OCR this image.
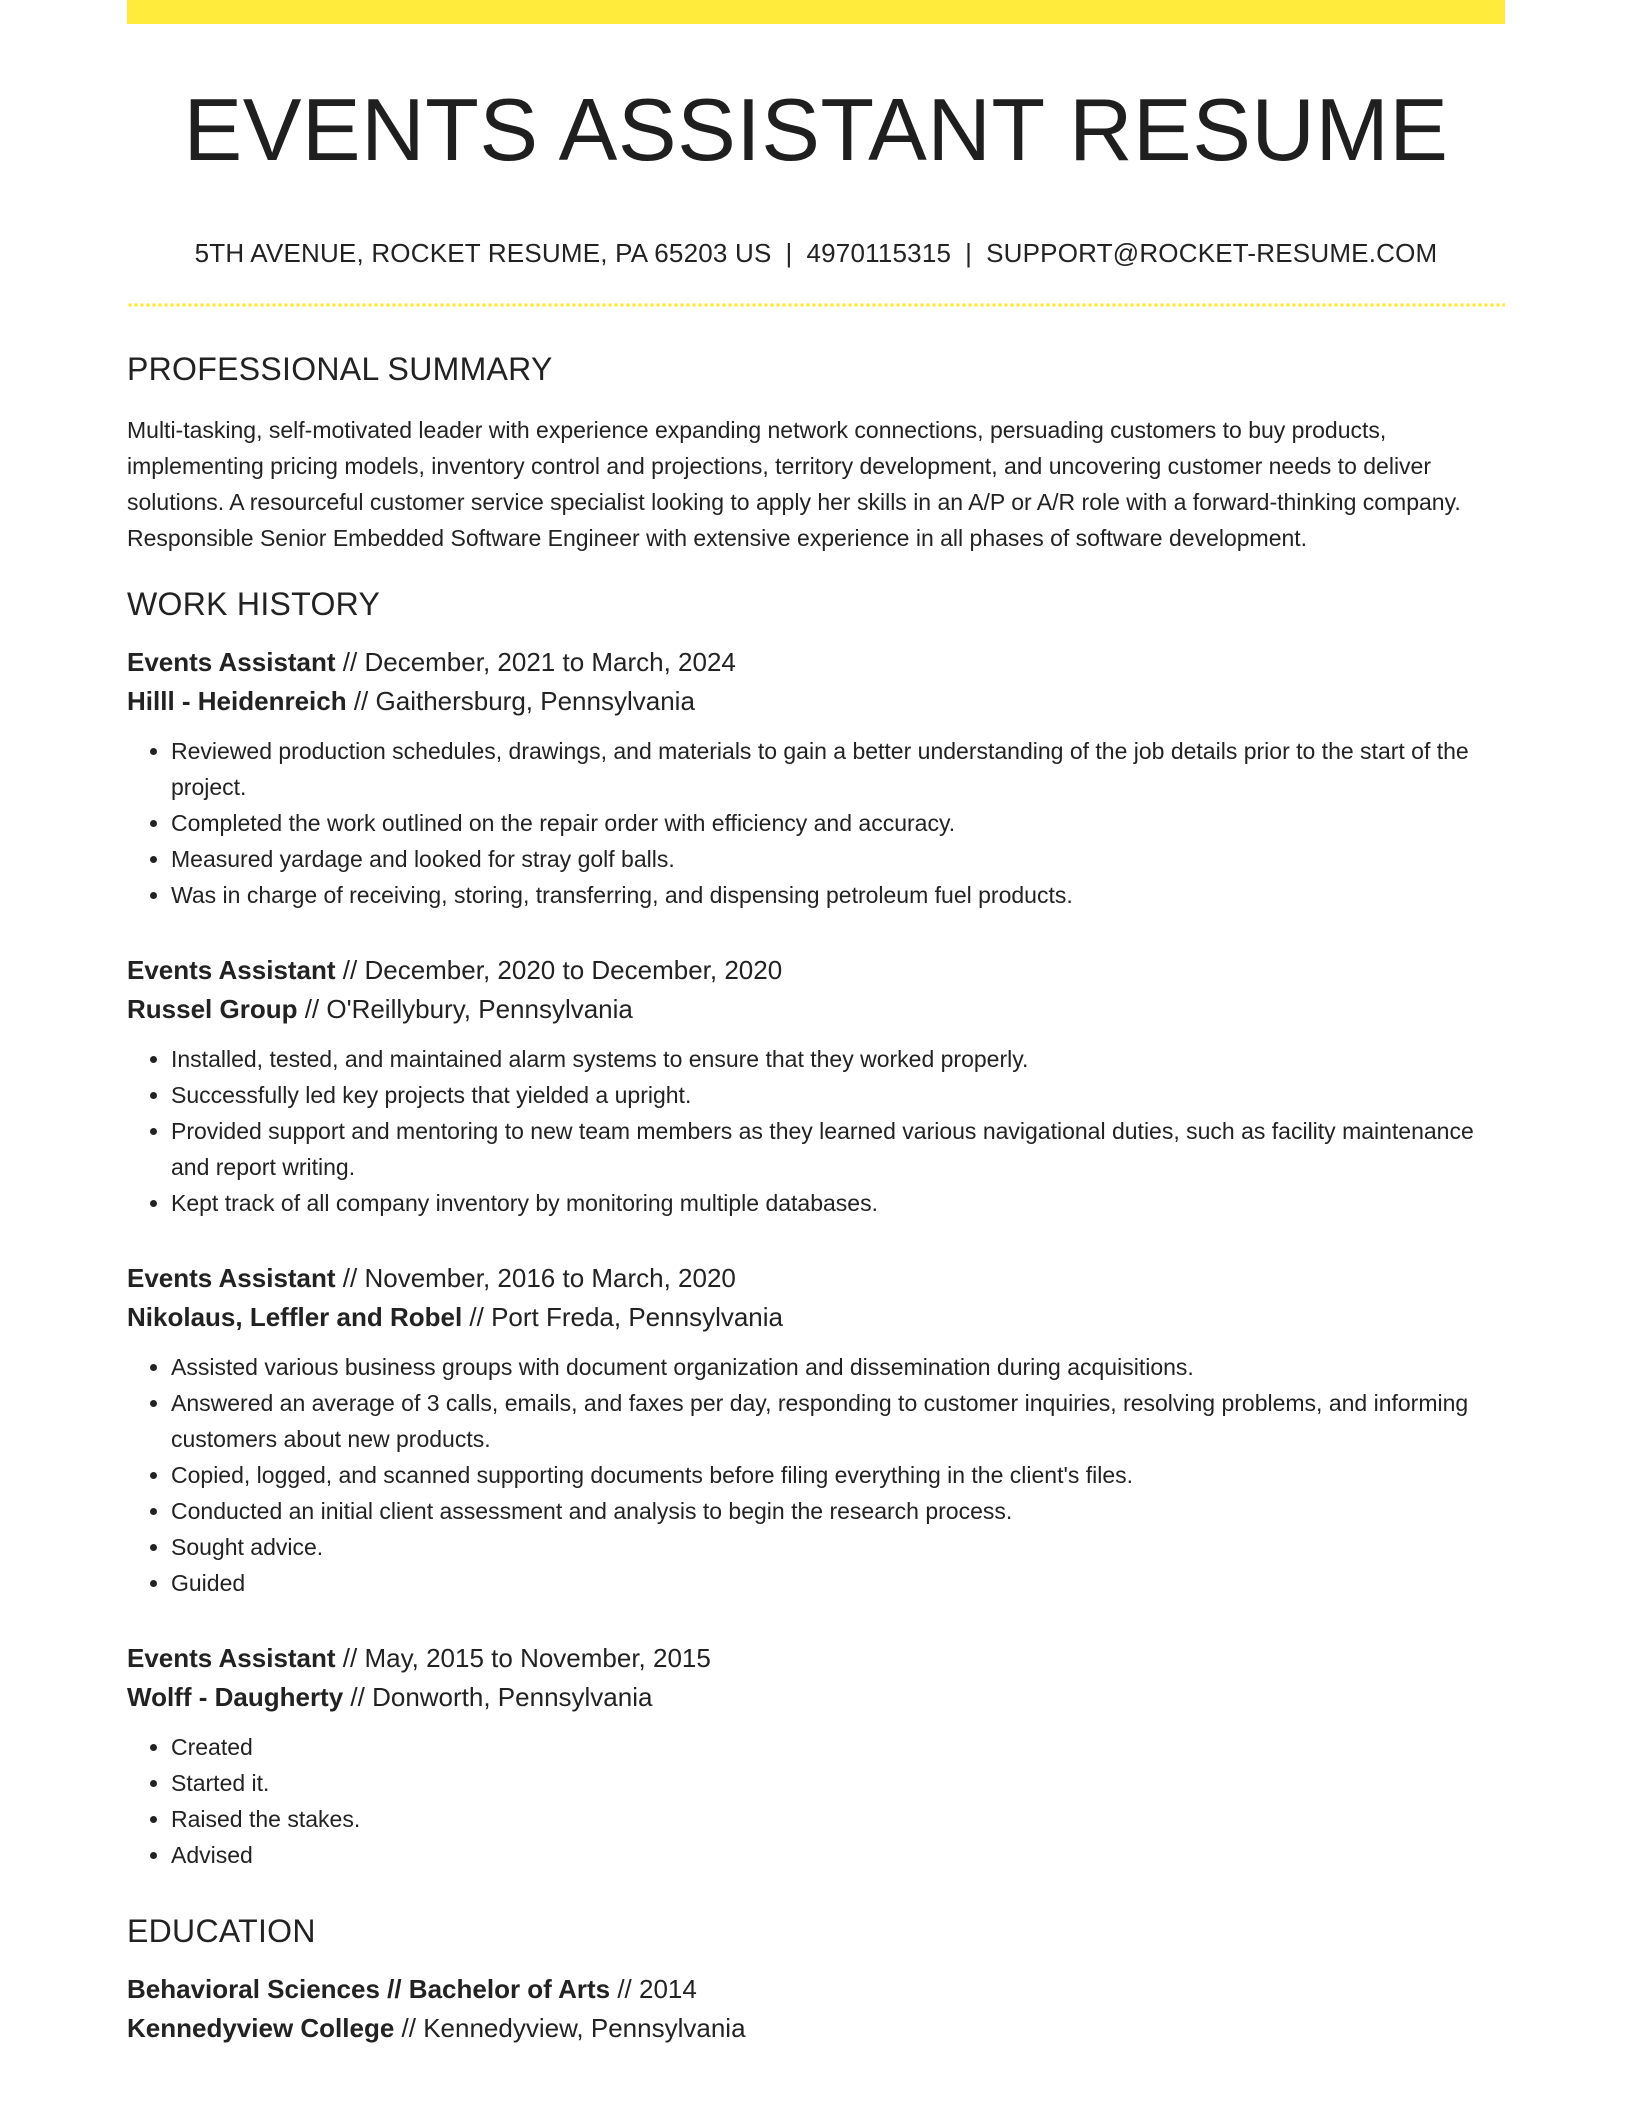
EVENTS ASSISTANT RESUME
5TH AVENUE, ROCKET RESUME, PA 65203 US | 4970115315 | SUPPORT@ROCKET-RESUME.COM
PROFESSIONAL SUMMARY

Multi-tasking, self-motivated leader with experience expanding network connections, persuading customers to buy products, implementing pricing models, inventory control and projections, territory development, and uncovering customer needs to deliver solutions. A resourceful customer service specialist looking to apply her skills in an A/P or A/R role with a forward-thinking company. Responsible Senior Embedded Software Engineer with extensive experience in all phases of software development.

WORK HISTORY
Events Assistant // December, 2021 to March, 2024
Hilll - Heidenreich // Gaithersburg, Pennsylvania
• Reviewed production schedules, drawings, and materials to gain a better understanding of the job details prior to the start of the project.
• Completed the work outlined on the repair order with efficiency and accuracy.
• Measured yardage and looked for stray golf balls.
• Was in charge of receiving, storing, transferring, and dispensing petroleum fuel products.
Events Assistant // December, 2020 to December, 2020
Russel Group // O'Reillybury, Pennsylvania
• Installed, tested, and maintained alarm systems to ensure that they worked properly.
• Successfully led key projects that yielded a upright.
• Provided support and mentoring to new team members as they learned various navigational duties, such as facility maintenance and report writing.
• Kept track of all company inventory by monitoring multiple databases.
Events Assistant // November, 2016 to March, 2020
Nikolaus, Leffler and Robel // Port Freda, Pennsylvania
• Assisted various business groups with document organization and dissemination during acquisitions.
• Answered an average of 3 calls, emails, and faxes per day, responding to customer inquiries, resolving problems, and informing customers about new products.
• Copied, logged, and scanned supporting documents before filing everything in the client's files.
• Conducted an initial client assessment and analysis to begin the research process.
• Sought advice.
• Guided
Events Assistant // May, 2015 to November, 2015
Wolff - Daugherty // Donworth, Pennsylvania
• Created
• Started it.
• Raised the stakes.
• Advised
EDUCATION
Behavioral Sciences // Bachelor of Arts // 2014
Kennedyview College // Kennedyview, Pennsylvania
